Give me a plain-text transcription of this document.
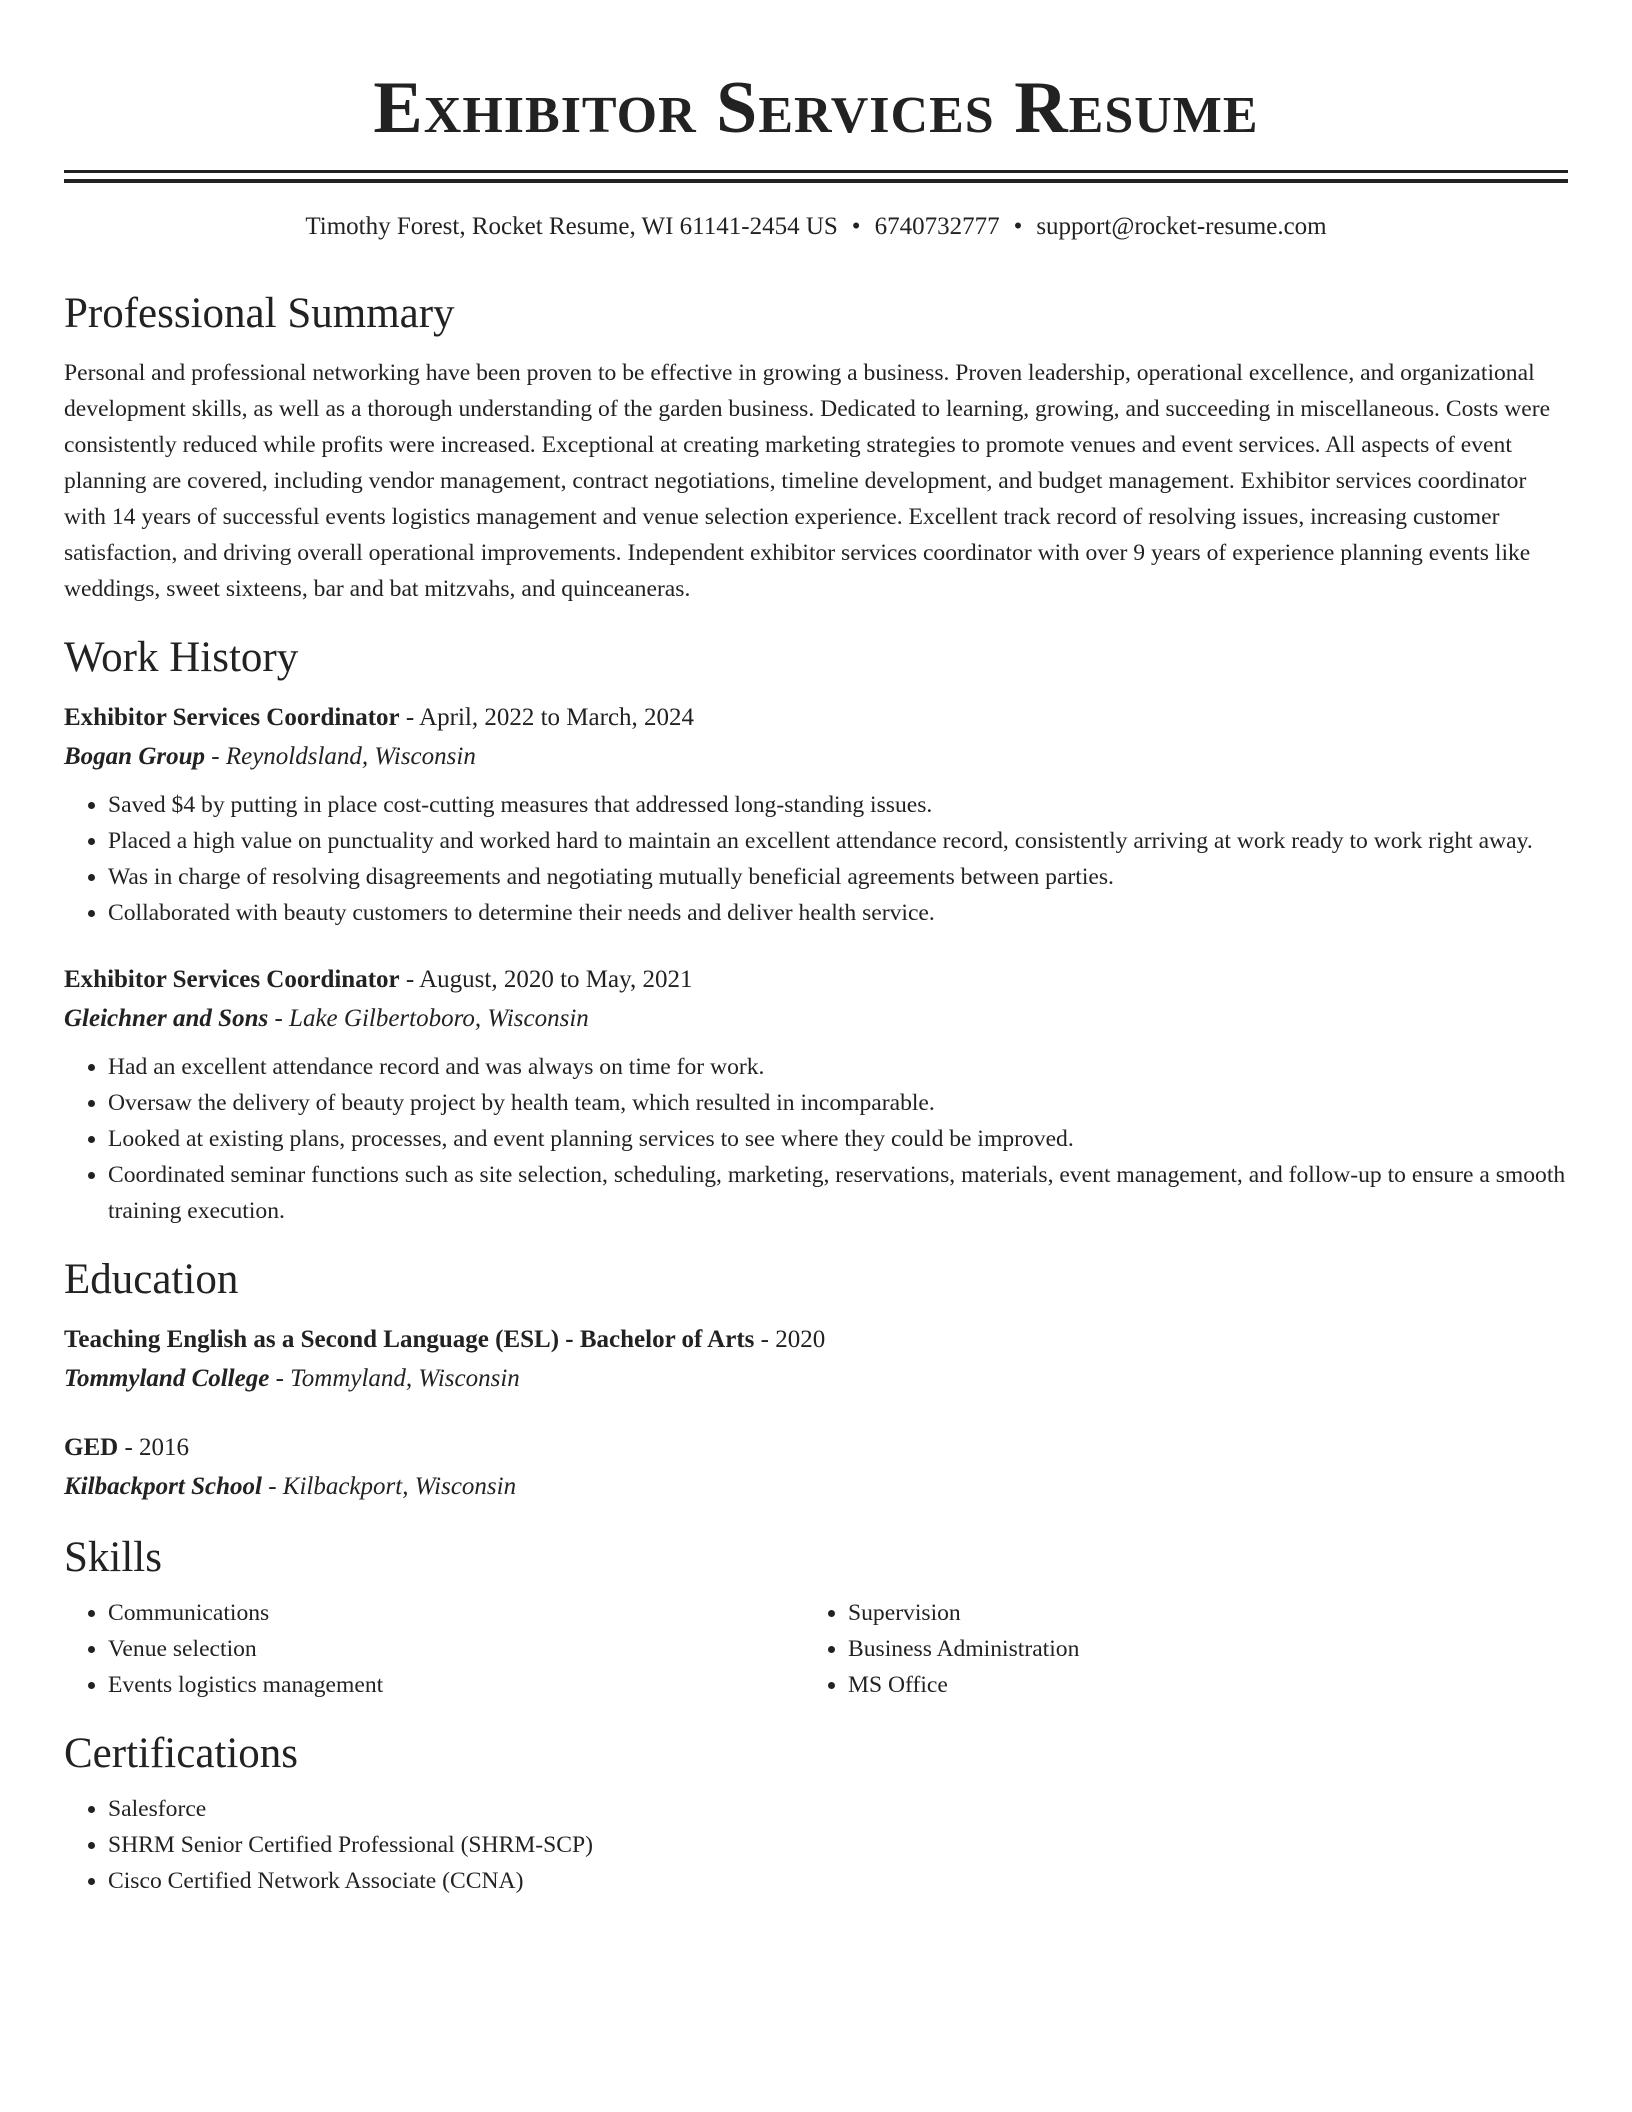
Exhibitor Services Resume
Timothy Forest, Rocket Resume, WI 61141-2454 US • 6740732777 • support@rocket-resume.com
Professional Summary

Personal and professional networking have been proven to be effective in growing a business. Proven leadership, operational excellence, and organizational development skills, as well as a thorough understanding of the garden business. Dedicated to learning, growing, and succeeding in miscellaneous. Costs were consistently reduced while profits were increased. Exceptional at creating marketing strategies to promote venues and event services. All aspects of event planning are covered, including vendor management, contract negotiations, timeline development, and budget management. Exhibitor services coordinator with 14 years of successful events logistics management and venue selection experience. Excellent track record of resolving issues, increasing customer satisfaction, and driving overall operational improvements. Independent exhibitor services coordinator with over 9 years of experience planning events like weddings, sweet sixteens, bar and bat mitzvahs, and quinceaneras.

Work History
Exhibitor Services Coordinator - April, 2022 to March, 2024
Bogan Group - Reynoldsland, Wisconsin
• Saved $4 by putting in place cost-cutting measures that addressed long-standing issues.
• Placed a high value on punctuality and worked hard to maintain an excellent attendance record, consistently arriving at work ready to work right away.
• Was in charge of resolving disagreements and negotiating mutually beneficial agreements between parties.
• Collaborated with beauty customers to determine their needs and deliver health service.
Exhibitor Services Coordinator - August, 2020 to May, 2021
Gleichner and Sons - Lake Gilbertoboro, Wisconsin
• Had an excellent attendance record and was always on time for work.
• Oversaw the delivery of beauty project by health team, which resulted in incomparable.
• Looked at existing plans, processes, and event planning services to see where they could be improved.
• Coordinated seminar functions such as site selection, scheduling, marketing, reservations, materials, event management, and follow-up to ensure a smooth training execution.
Education
Teaching English as a Second Language (ESL) - Bachelor of Arts - 2020
Tommyland College - Tommyland, Wisconsin
GED - 2016
Kilbackport School - Kilbackport, Wisconsin
Skills
• Communications
• Venue selection
• Events logistics management
• Supervision
• Business Administration
• MS Office
Certifications
• Salesforce
• SHRM Senior Certified Professional (SHRM-SCP)
• Cisco Certified Network Associate (CCNA)
